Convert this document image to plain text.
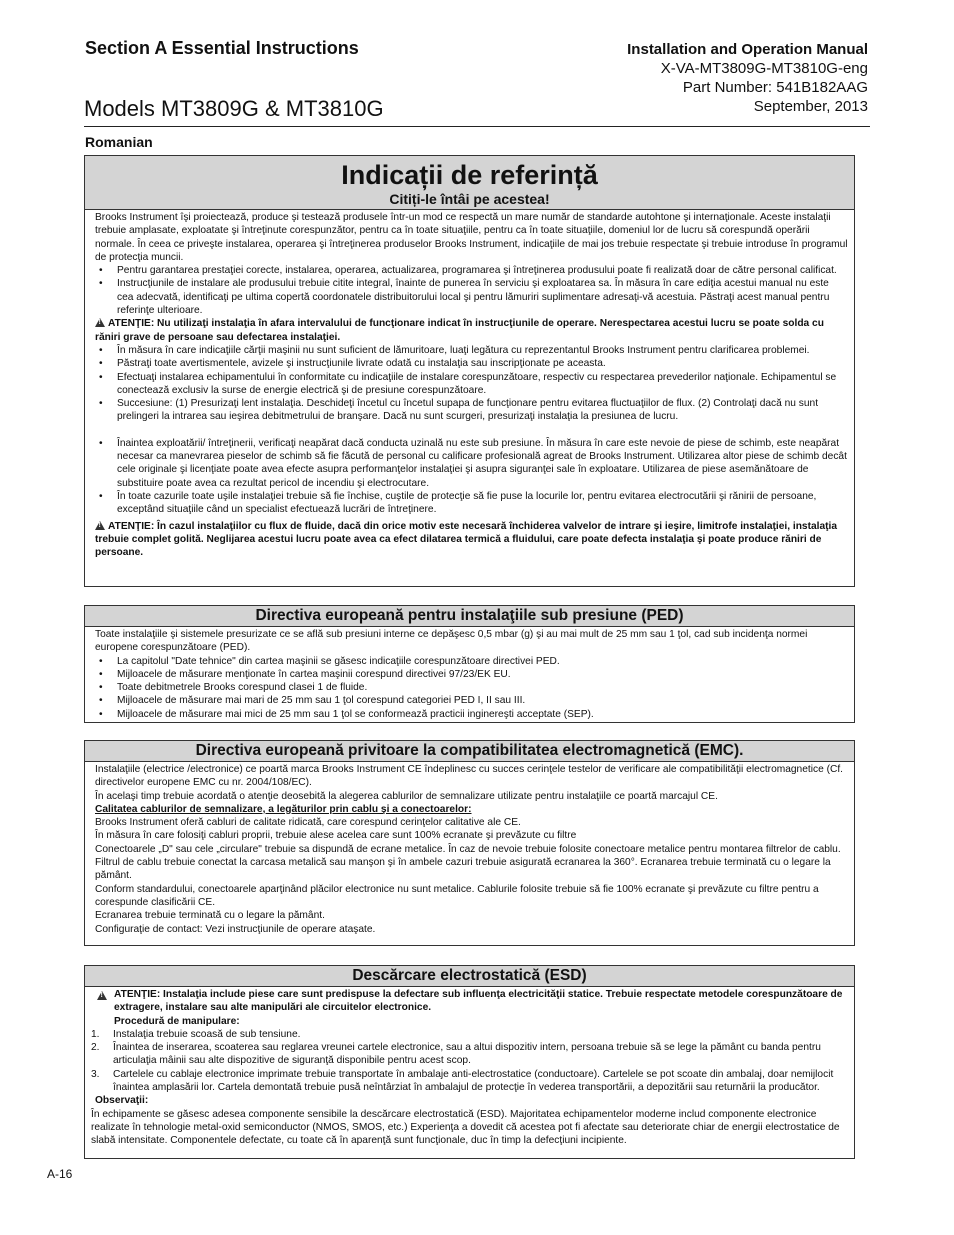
Section A Essential Instructions
Models MT3809G & MT3810G
Installation and Operation Manual
X-VA-MT3809G-MT3810G-eng
Part Number: 541B182AAG
September, 2013
Romanian
Indicații de referință
Citiți-le întâi pe acestea!

Brooks Instrument îşi proiectează, produce şi testează produsele într-un mod ce respectă un mare număr de standarde autohtone şi internaţionale. Aceste instalaţii trebuie amplasate, exploatate şi întreţinute corespunzător, pentru ca în toate situaţiile, pentru ca în toate situaţiile, domeniul lor de lucru să corespundă operării normale. În ceea ce priveşte instalarea, operarea şi întreţinerea produselor Brooks Instrument, indicaţiile de mai jos trebuie respectate şi trebuie introduse în programul de protecţia muncii.

• Pentru garantarea prestaţiei corecte, instalarea, operarea, actualizarea, programarea şi întreţinerea produsului poate fi realizată doar de către personal calificat.

• Instrucţiunile de instalare ale produsului trebuie citite integral, înainte de punerea în serviciu şi exploatarea sa. În măsura în care ediţia acestui manual nu este cea adecvată, identificaţi pe ultima copertă coordonatele distribuitorului local şi pentru lămuriri suplimentare adresaţi-vă acestuia. Păstraţi acest manual pentru referinţe ulterioare.

!ATENŢIE: Nu utilizaţi instalaţia în afara intervalului de funcţionare indicat în instrucţiunile de operare. Nerespectarea acestui lucru se poate solda cu răniri grave de persoane sau defectarea instalaţiei.

• În măsura în care indicaţiile cărţii maşinii nu sunt suficient de lămuritoare, luaţi legătura cu reprezentantul Brooks Instrument pentru clarificarea problemei.

• Păstraţi toate avertismentele, avizele şi instrucţiunile livrate odată cu instalaţia sau inscripţionate pe aceasta.

• Efectuaţi instalarea echipamentului în conformitate cu indicaţiile de instalare corespunzătoare, respectiv cu respectarea prevederilor naţionale. Echipamentul se conectează exclusiv la surse de energie electrică şi de presiune corespunzătoare.

• Succesiune: (1) Presurizaţi lent instalaţia. Deschideţi încetul cu încetul supapa de funcţionare pentru evitarea fluctuaţiilor de flux. (2) Controlaţi dacă nu sunt prelingeri la intrarea sau ieşirea debitmetrului de branşare. Dacă nu sunt scurgeri, presurizaţi instalaţia la presiunea de lucru.

• Înaintea exploatării/ întreţinerii, verificaţi neapărat dacă conducta uzinală nu este sub presiune. În măsura în care este nevoie de piese de schimb, este neapărat necesar ca manevrarea pieselor de schimb să fie făcută de personal cu calificare profesională agreat de Brooks Instrument. Utilizarea altor piese de schimb decât cele originale şi licenţiate poate avea efecte asupra performanţelor instalaţiei şi asupra siguranţei sale în exploatare. Utilizarea de piese asemănătoare de substituire poate avea ca rezultat pericol de incendiu şi electrocutare.

• În toate cazurile toate uşile instalaţiei trebuie să fie închise, cuştile de protecţie să fie puse la locurile lor, pentru evitarea electrocutării şi rănirii de persoane, exceptând situaţiile când un specialist efectuează lucrări de întreţinere.

!ATENŢIE: În cazul instalaţiilor cu flux de fluide, dacă din orice motiv este necesară închiderea valvelor de intrare şi ieşire, limitrofe instalaţiei, instalaţia trebuie complet golită. Neglijarea acestui lucru poate avea ca efect dilatarea termică a fluidului, care poate defecta instalaţia şi poate produce răniri de persoane.

Directiva europeană pentru instalaţiile sub presiune (PED)

Toate instalaţiile şi sistemele presurizate ce se află sub presiuni interne ce depăşesc 0,5 mbar (g) şi au mai mult de 25 mm sau 1 ţol, cad sub incidenţa normei europene corespunzătoare (PED).

• La capitolul "Date tehnice" din cartea maşinii se găsesc indicaţiile corespunzătoare directivei PED.

• Mijloacele de măsurare menţionate în cartea maşinii corespund directivei 97/23/EK EU.

• Toate debitmetrele Brooks corespund clasei 1 de fluide.

• Mijloacele de măsurare mai mari de 25 mm sau 1 ţol corespund categoriei PED I, II sau III.

• Mijloacele de măsurare mai mici de 25 mm sau 1 ţol se conformează practicii inginereşti acceptate (SEP).

Directiva europeană privitoare la compatibilitatea electromagnetică (EMC).

Instalaţiile (electrice /electronice) ce poartă marca Brooks Instrument CE îndeplinesc cu succes cerinţele testelor de verificare ale compatibilităţii electromagnetice (Cf. directivelor europene EMC cu nr. 2004/108/EC).

În acelaşi timp trebuie acordată o atenţie deosebită la alegerea cablurilor de semnalizare utilizate pentru instalaţiile ce poartă marcajul CE.

Calitatea cablurilor de semnalizare, a legăturilor prin cablu şi a conectoarelor:

Brooks Instrument oferă cabluri de calitate ridicată, care corespund cerinţelor calitative ale CE.

În măsura în care folosiţi cabluri proprii, trebuie alese acelea care sunt 100% ecranate şi prevăzute cu filtre

Conectoarele „D" sau cele „circulare" trebuie sa dispundă de ecrane metalice. În caz de nevoie trebuie folosite conectoare metalice pentru montarea filtrelor de cablu.

Filtrul de cablu trebuie conectat la carcasa metalică sau manşon şi în ambele cazuri trebuie asigurată ecranarea la 360°. Ecranarea trebuie terminată cu o legare la pământ.

Conform standardului, conectoarele aparţinând plăcilor electronice nu sunt metalice. Cablurile folosite trebuie să fie 100% ecranate şi prevăzute cu filtre pentru a corespunde clasificării CE.

Ecranarea trebuie terminată cu o legare la pământ.

Configuraţie de contact: Vezi instrucţiunile de operare ataşate.

Descărcare electrostatică (ESD)

!
ATENŢIE: Instalaţia include piese care sunt predispuse la defectare sub influenţa electricităţii statice. Trebuie respectate metodele corespunzătoare de extragere, instalare sau alte manipulări ale circuitelor electronice.

Procedură de manipulare:

1. Instalaţia trebuie scoasă de sub tensiune.

2. Înaintea de inserarea, scoaterea sau reglarea vreunei cartele electronice, sau a altui dispozitiv intern, persoana trebuie să se lege la pământ cu banda pentru articulaţia mâinii sau alte dispozitive de siguranţă disponibile pentru acest scop.

3. Cartelele cu cablaje electronice imprimate trebuie transportate în ambalaje anti-electrostatice (conductoare). Cartelele se pot scoate din ambalaj, doar nemijlocit înaintea amplasării lor. Cartela demontată trebuie pusă neîntârziat în ambalajul de protecţie în vederea transportării, a depozitării sau returnării la producător.

Observaţii:

În echipamente se găsesc adesea componente sensibile la descărcare electrostatică (ESD). Majoritatea echipamentelor moderne includ componente electronice realizate în tehnologie metal-oxid semiconductor (NMOS, SMOS, etc.) Experienţa a dovedit că acestea pot fi afectate sau deteriorate chiar de energii electrostatice de slabă intensitate. Componentele defectate, cu toate că în aparenţă sunt funcţionale, duc în timp la defecţiuni incipiente.

A-16
